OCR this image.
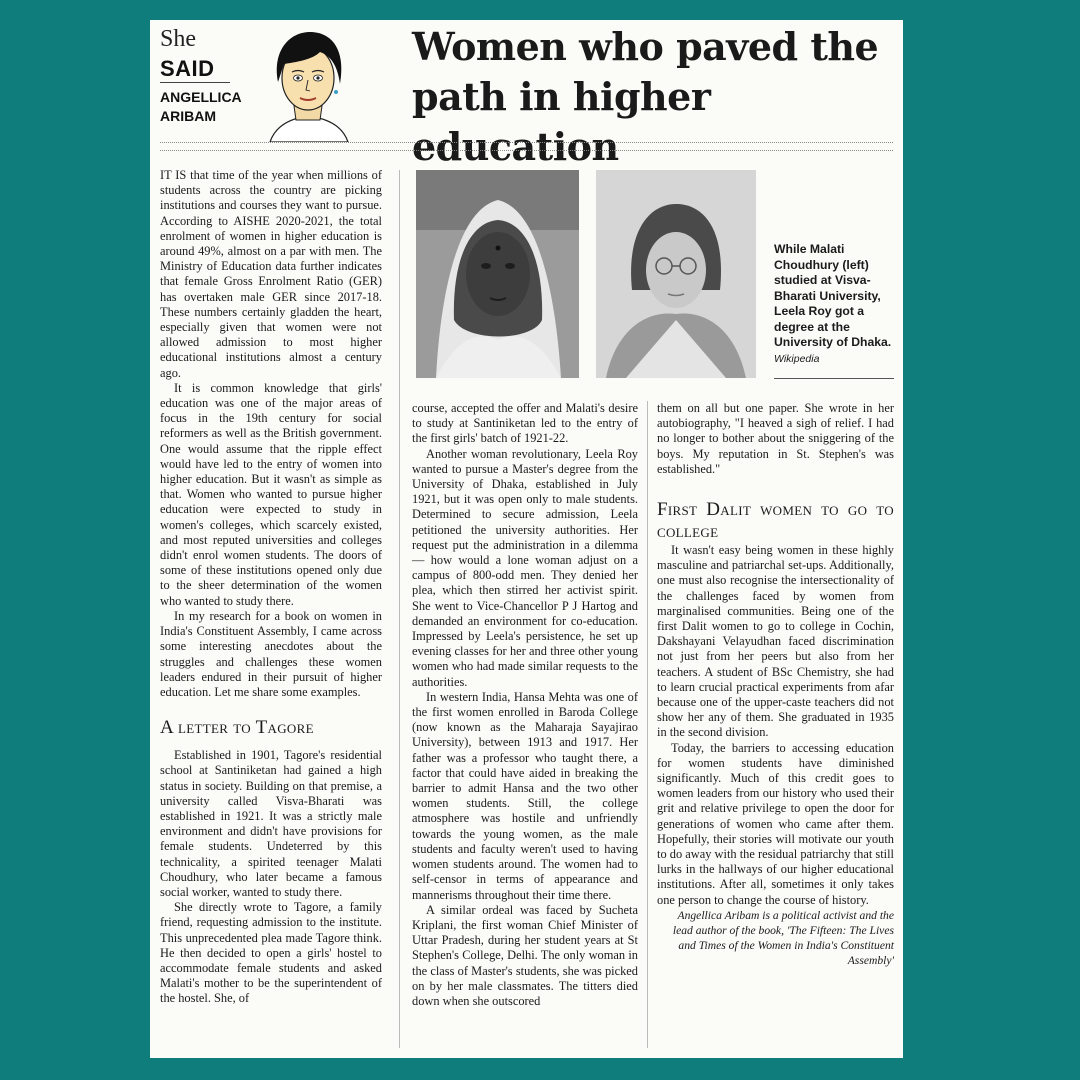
She
SAID
ANGELLICA
ARIBAM
Women who paved the path in higher education

IT IS that time of the year when millions of students across the country are picking institutions and courses they want to pursue. According to AISHE 2020-2021, the total enrolment of women in higher education is around 49%, almost on a par with men. The Ministry of Education data further indicates that female Gross Enrolment Ratio (GER) has overtaken male GER since 2017-18. These numbers certainly gladden the heart, especially given that women were not allowed admission to most higher educational institutions almost a century ago.

It is common knowledge that girls' education was one of the major areas of focus in the 19th century for social reformers as well as the British government. One would assume that the ripple effect would have led to the entry of women into higher education. But it wasn't as simple as that. Women who wanted to pursue higher education were expected to study in women's colleges, which scarcely existed, and most reputed universities and colleges didn't enrol women students. The doors of some of these institutions opened only due to the sheer determination of the women who wanted to study there.

In my research for a book on women in India's Constituent Assembly, I came across some interesting anecdotes about the struggles and challenges these women leaders endured in their pursuit of higher education. Let me share some examples.

A letter to Tagore

Established in 1901, Tagore's residential school at Santiniketan had gained a high status in society. Building on that premise, a university called Visva-Bharati was established in 1921. It was a strictly male environment and didn't have provisions for female students. Undeterred by this technicality, a spirited teenager Malati Choudhury, who later became a famous social worker, wanted to study there.

She directly wrote to Tagore, a family friend, requesting admission to the institute. This unprecedented plea made Tagore think. He then decided to open a girls' hostel to accommodate female students and asked Malati's mother to be the superintendent of the hostel. She, of

While Malati Choudhury (left) studied at Visva-Bharati University, Leela Roy got a degree at the University of Dhaka. Wikipedia

course, accepted the offer and Malati's desire to study at Santiniketan led to the entry of the first girls' batch of 1921-22.

Another woman revolutionary, Leela Roy wanted to pursue a Master's degree from the University of Dhaka, established in July 1921, but it was open only to male students. Determined to secure admission, Leela petitioned the university authorities. Her request put the administration in a dilemma — how would a lone woman adjust on a campus of 800-odd men. They denied her plea, which then stirred her activist spirit. She went to Vice-Chancellor P J Hartog and demanded an environment for co-education. Impressed by Leela's persistence, he set up evening classes for her and three other young women who had made similar requests to the authorities.

In western India, Hansa Mehta was one of the first women enrolled in Baroda College (now known as the Maharaja Sayajirao University), between 1913 and 1917. Her father was a professor who taught there, a factor that could have aided in breaking the barrier to admit Hansa and the two other women students. Still, the college atmosphere was hostile and unfriendly towards the young women, as the male students and faculty weren't used to having women students around. The women had to self-censor in terms of appearance and mannerisms throughout their time there.

A similar ordeal was faced by Sucheta Kriplani, the first woman Chief Minister of Uttar Pradesh, during her student years at St Stephen's College, Delhi. The only woman in the class of Master's students, she was picked on by her male classmates. The titters died down when she outscored

them on all but one paper. She wrote in her autobiography, "I heaved a sigh of relief. I had no longer to bother about the sniggering of the boys. My reputation in St. Stephen's was established."

First Dalit women to go to college

It wasn't easy being women in these highly masculine and patriarchal set-ups. Additionally, one must also recognise the intersectionality of the challenges faced by women from marginalised communities. Being one of the first Dalit women to go to college in Cochin, Dakshayani Velayudhan faced discrimination not just from her peers but also from her teachers. A student of BSc Chemistry, she had to learn crucial practical experiments from afar because one of the upper-caste teachers did not show her any of them. She graduated in 1935 in the second division.

Today, the barriers to accessing education for women students have diminished significantly. Much of this credit goes to women leaders from our history who used their grit and relative privilege to open the door for generations of women who came after them. Hopefully, their stories will motivate our youth to do away with the residual patriarchy that still lurks in the hallways of our higher educational institutions. After all, sometimes it only takes one person to change the course of history.

Angellica Aribam is a political activist and the lead author of the book, 'The Fifteen: The Lives and Times of the Women in India's Constituent Assembly'
